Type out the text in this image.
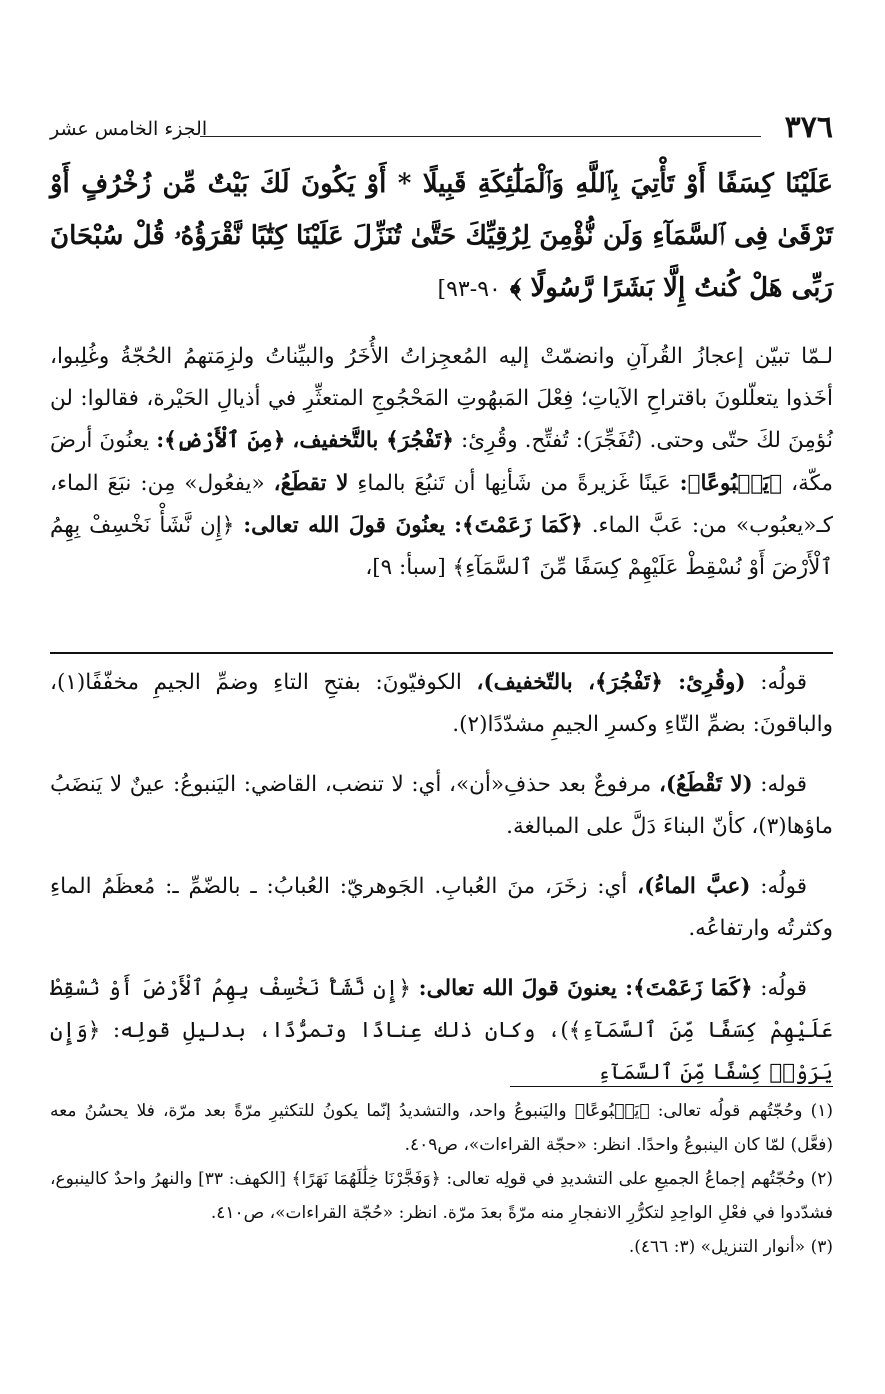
٣٧٦
الجزء الخامس عشر
عَلَيْنَا كِسَفًا أَوْ تَأْتِيَ بِٱللَّهِ وَٱلْمَلَٰٓئِكَةِ قَبِيلًا * أَوْ يَكُونَ لَكَ بَيْتٌ مِّن زُخْرُفٍ أَوْ تَرْقَىٰ فِى ٱلسَّمَآءِ وَلَن نُّؤْمِنَ لِرُقِيِّكَ حَتَّىٰ تُنَزِّلَ عَلَيْنَا كِتَٰبًا نَّقْرَؤُهُۥ قُلْ سُبْحَانَ رَبِّى هَلْ كُنتُ إِلَّا بَشَرًا رَّسُولًا ﴾ ٩٠-٩٣]
لـمّا تبيّن إعجازُ القُرآنِ وانضمّتْ إليه المُعجِزاتُ الأُخَرُ والبيِّناتُ ولزِمَتهمُ الحُجّةُ وغُلِبوا، أخَذوا يتعلّلونَ باقتراحِ الآياتِ؛ فِعْلَ المَبهُوتِ المَحْجُوجِ المتعثِّرِ في أذيالِ الحَيْرة، فقالوا: لن نُؤمِنَ لكَ حتّى وحتى. (تُفَجِّرَ): تُفتِّح. وقُرِئ: ﴿تَفْجُرَ﴾ بالتَّخفيف، ﴿مِنَ ٱلْأَرْضِ﴾: يعنُونَ أرضَ مكّة، ﴿يَنۢبُوعًا﴾: عَينًا غَزيرةً من شَأنِها أن تَنبُعَ بالماءِ لا تقطَعُ، «يفعُول» مِن: نبَعَ الماء، كـ«يعبُوب» من: عَبَّ الماء. ﴿كَمَا زَعَمْتَ﴾: يعنُونَ قولَ الله تعالى: ﴿إِن نَّشَأْ نَخْسِفْ بِهِمُ ٱلْأَرْضَ أَوْ نُسْقِطْ عَلَيْهِمْ كِسَفًا مِّنَ ٱلسَّمَآءِ﴾ [سبأ: ٩]،

قولُه: (وقُرِئ: ﴿تَفْجُرَ﴾، بالتّخفيف)، الكوفيّونَ: بفتحِ التاءِ وضمِّ الجيمِ مخفّفًا(١)، والباقونَ: بضمِّ التّاءِ وكسرِ الجيمِ مشدّدًا(٢).

قوله: (لا تَقْطَعُ)، مرفوعٌ بعد حذفِ«أن»، أي: لا تنضب، القاضي: اليَنبوعُ: عينٌ لا يَنضَبُ ماؤها(٣)، كأنّ البناءَ دَلَّ على المبالغة.

قولُه: (عبَّ الماءُ)، أي: زخَرَ، منَ العُبابِ. الجَوهريّ: العُبابُ: ـ بالضّمِّ ـ: مُعظَمُ الماءِ وكثرتُه وارتفاعُه.

قولُه: ﴿كَمَا زَعَمْتَ﴾: يعنونَ قولَ الله تعالى: ﴿إِن نَّشَأْ نَخْسِفْ بِهِمُ ٱلْأَرْضَ أَوْ نُسْقِطْ عَلَيْهِمْ كِسَفًا مِّنَ ٱلسَّمَآءِ﴾)، وكان ذلك عِنادًا وتمرُّدًا، بدليلِ قولِه: ﴿وَإِن يَرَوْا۟ كِسْفًا مِّنَ ٱلسَّمَآءِ

(١) وحُجّتُهم قولُه تعالى: ﴿يَنۢبُوعًا﴾ واليَنبوعُ واحد، والتشديدُ إنّما يكونُ للتكثيرِ مرّةً بعد مرّة، فلا يحسُنُ معه (فعَّل) لمّا كان الينبوعُ واحدًا. انظر: «حجّة القراءات»، ص٤٠٩.

(٢) وحُجّتُهم إجماعُ الجميعِ على التشديدِ في قولِه تعالى: ﴿وَفَجَّرْنَا خِلَٰلَهُمَا نَهَرًا﴾ [الكهف: ٣٣] والنهرُ واحدٌ كالينبوع، فشدّدوا في فعْلِ الواحِدِ لتكرُّرِ الانفجارِ منه مرّةً بعدَ مرّة. انظر: «حُجّة القراءات»، ص٤١٠.

(٣) «أنوار التنزيل» (٣: ٤٦٦).
